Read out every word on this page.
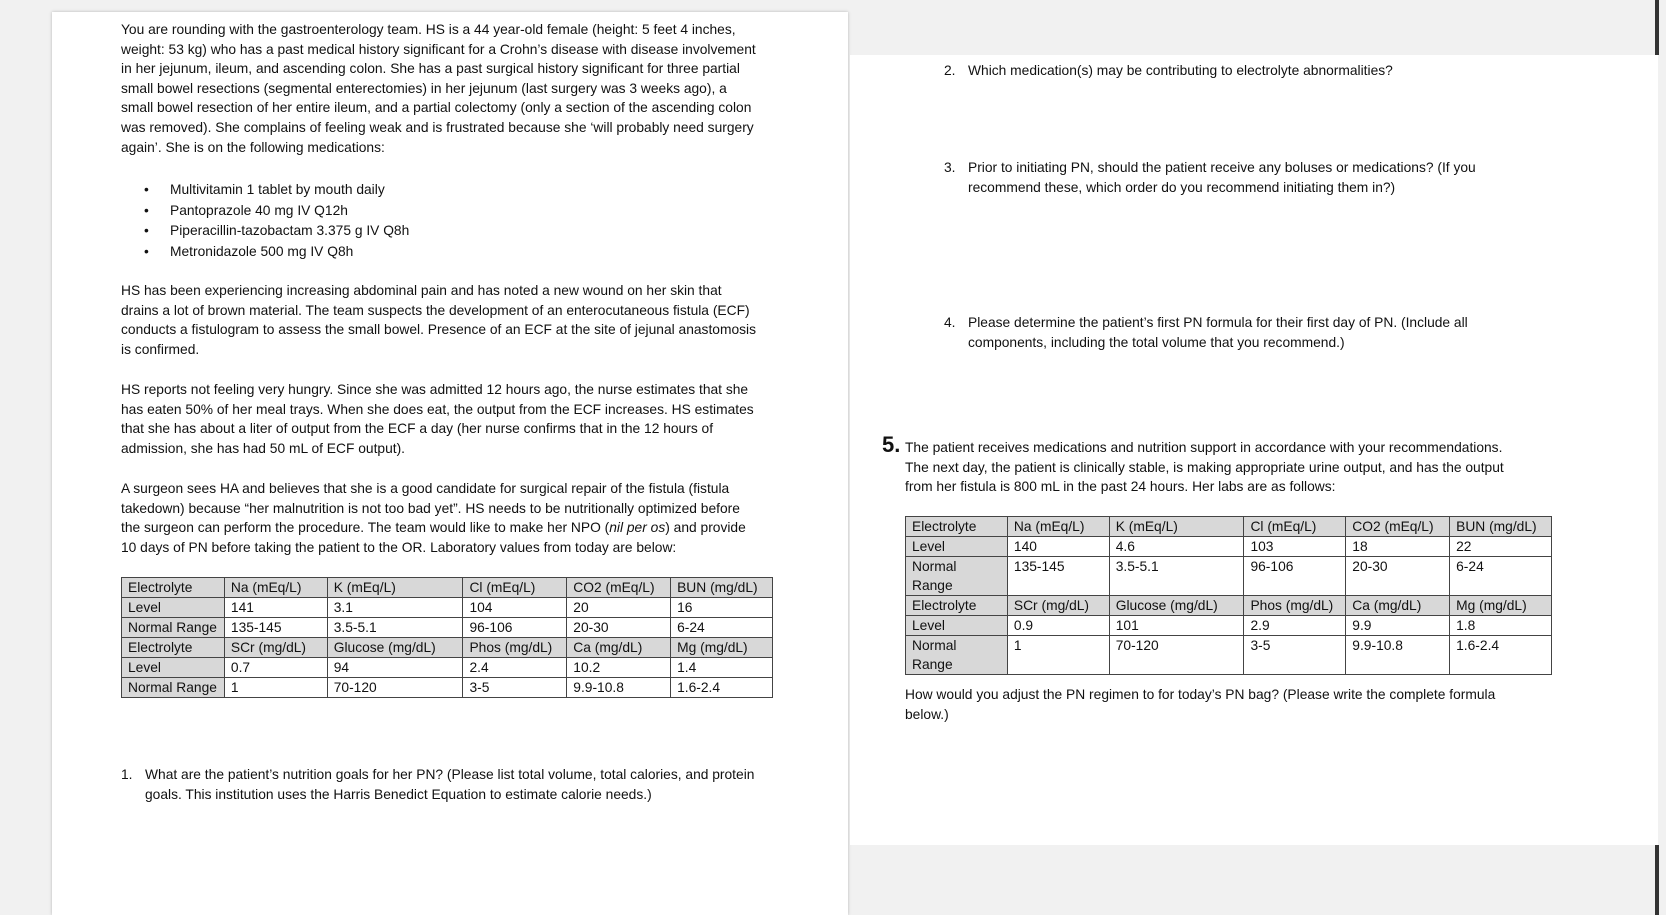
You are rounding with the gastroenterology team. HS is a 44 year-old female (height: 5 feet 4 inches, weight: 53 kg) who has a past medical history significant for a Crohn’s disease with disease involvement in her jejunum, ileum, and ascending colon. She has a past surgical history significant for three partial small bowel resections (segmental enterectomies) in her jejunum (last surgery was 3 weeks ago), a small bowel resection of her entire ileum, and a partial colectomy (only a section of the ascending colon was removed). She complains of feeling weak and is frustrated because she ‘will probably need surgery again’. She is on the following medications:

• Multivitamin 1 tablet by mouth daily
• Pantoprazole 40 mg IV Q12h
• Piperacillin-tazobactam 3.375 g IV Q8h
• Metronidazole 500 mg IV Q8h

HS has been experiencing increasing abdominal pain and has noted a new wound on her skin that drains a lot of brown material. The team suspects the development of an enterocutaneous fistula (ECF) conducts a fistulogram to assess the small bowel. Presence of an ECF at the site of jejunal anastomosis is confirmed.

HS reports not feeling very hungry. Since she was admitted 12 hours ago, the nurse estimates that she has eaten 50% of her meal trays. When she does eat, the output from the ECF increases. HS estimates that she has about a liter of output from the ECF a day (her nurse confirms that in the 12 hours of admission, she has had 50 mL of ECF output).

A surgeon sees HA and believes that she is a good candidate for surgical repair of the fistula (fistula takedown) because “her malnutrition is not too bad yet”. HS needs to be nutritionally optimized before the surgeon can perform the procedure. The team would like to make her NPO (nil per os) and provide 10 days of PN before taking the patient to the OR. Laboratory values from today are below:

Electrolyte	Na (mEq/L)	K (mEq/L)	Cl (mEq/L)	CO2 (mEq/L)	BUN (mg/dL)
Level	141	3.1	104	20	16
Normal Range	135-145	3.5-5.1	96-106	20-30	6-24
Electrolyte	SCr (mg/dL)	Glucose (mg/dL)	Phos (mg/dL)	Ca (mg/dL)	Mg (mg/dL)
Level	0.7	94	2.4	10.2	1.4
Normal Range	1	70-120	3-5	9.9-10.8	1.6-2.4
1. What are the patient’s nutrition goals for her PN? (Please list total volume, total calories, and protein goals. This institution uses the Harris Benedict Equation to estimate calorie needs.)
2. Which medication(s) may be contributing to electrolyte abnormalities?
3. Prior to initiating PN, should the patient receive any boluses or medications? (If you recommend these, which order do you recommend initiating them in?)
4. Please determine the patient’s first PN formula for their first day of PN. (Include all components, including the total volume that you recommend.)
5. The patient receives medications and nutrition support in accordance with your recommendations. The next day, the patient is clinically stable, is making appropriate urine output, and has the output from her fistula is 800 mL in the past 24 hours. Her labs are as follows:

Electrolyte	Na (mEq/L)	K (mEq/L)	Cl (mEq/L)	CO2 (mEq/L)	BUN (mg/dL)
Level	140	4.6	103	18	22
Normal Range	135-145	3.5-5.1	96-106	20-30	6-24
Electrolyte	SCr (mg/dL)	Glucose (mg/dL)	Phos (mg/dL)	Ca (mg/dL)	Mg (mg/dL)
Level	0.9	101	2.9	9.9	1.8
Normal Range	1	70-120	3-5	9.9-10.8	1.6-2.4

How would you adjust the PN regimen to for today’s PN bag? (Please write the complete formula below.)
